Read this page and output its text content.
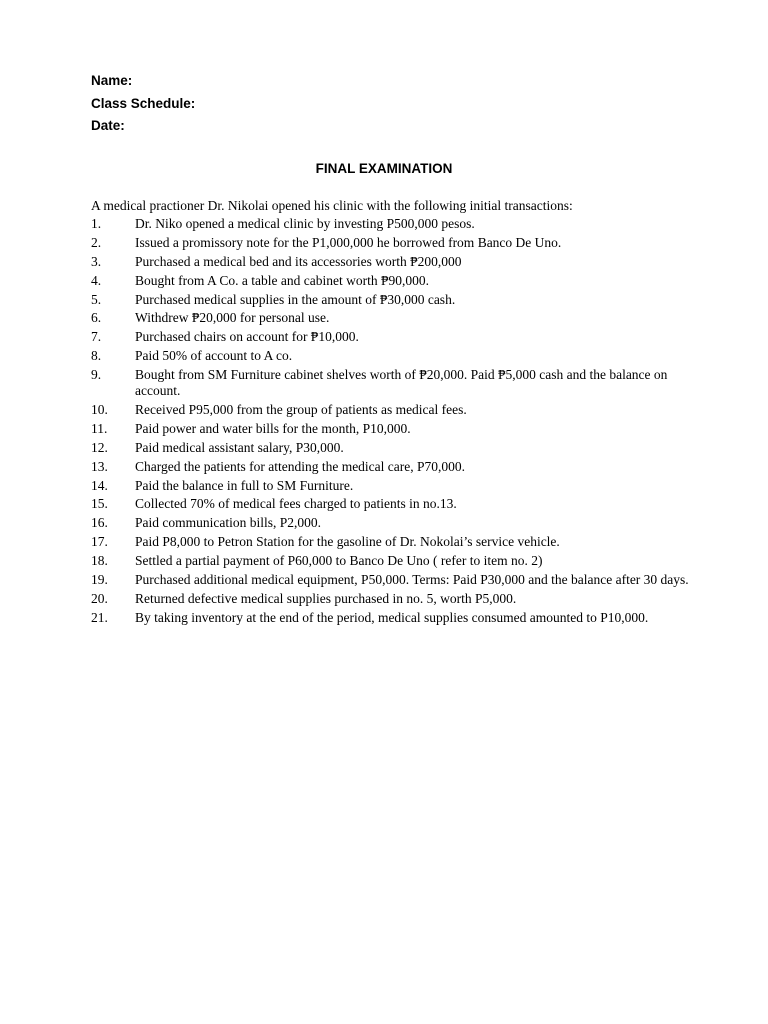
Name:
Class Schedule:
Date:
FINAL EXAMINATION
A medical practioner Dr. Nikolai opened his clinic with the following initial transactions:
1.	Dr. Niko opened a medical clinic by investing P500,000 pesos.
2.	Issued a promissory note for the P1,000,000 he borrowed from Banco De Uno.
3.	Purchased a medical bed and its accessories worth ₱200,000
4.	Bought from A Co. a table and cabinet worth ₱90,000.
5.	Purchased medical supplies in the amount of ₱30,000 cash.
6.	Withdrew ₱20,000 for personal use.
7.	Purchased chairs on account for ₱10,000.
8.	Paid 50% of account to A co.
9.	Bought from SM Furniture cabinet shelves worth of ₱20,000. Paid ₱5,000 cash and the balance on account.
10.	Received P95,000 from the group of patients as medical fees.
11.	Paid power and water bills for the month, P10,000.
12.	Paid medical assistant salary, P30,000.
13.	Charged the patients for attending the medical care, P70,000.
14.	Paid the balance in full to SM Furniture.
15.	Collected 70% of medical fees charged to patients in no.13.
16.	Paid communication bills, P2,000.
17.	Paid P8,000 to Petron Station for the gasoline of Dr. Nokolai’s service vehicle.
18.	Settled a partial payment of P60,000 to Banco De Uno ( refer to item no. 2)
19.	Purchased additional medical equipment, P50,000. Terms: Paid P30,000 and the balance after 30 days.
20.	Returned defective medical supplies purchased in no. 5, worth P5,000.
21.	By taking inventory at the end of the period, medical supplies consumed amounted to P10,000.
